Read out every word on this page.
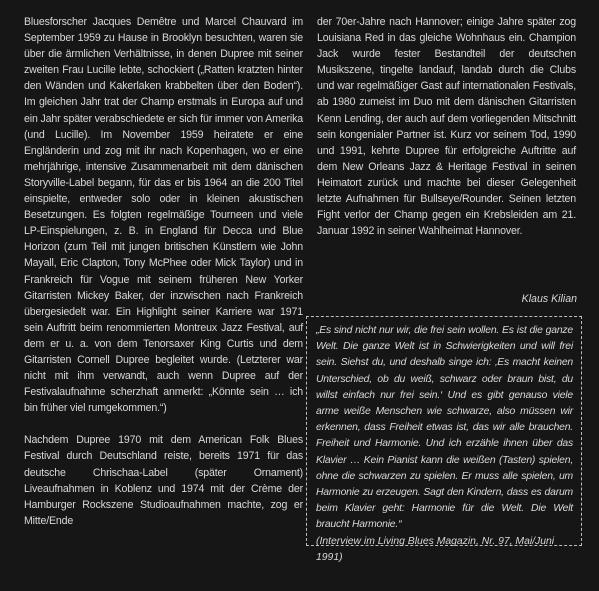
Bluesforscher Jacques Demêtre und Marcel Chauvard im September 1959 zu Hause in Brooklyn besuchten, waren sie über die ärmlichen Verhältnisse, in denen Dupree mit seiner zweiten Frau Lucille lebte, schockiert („Ratten kratzten hinter den Wänden und Kakerlaken krabbelten über den Boden“). Im gleichen Jahr trat der Champ erstmals in Europa auf und ein Jahr später verabschiedete er sich für immer von Amerika (und Lucille). Im November 1959 heiratete er eine Engländerin und zog mit ihr nach Kopenhagen, wo er eine mehrjährige, intensive Zusammenarbeit mit dem dänischen Storyville-Label begann, für das er bis 1964 an die 200 Titel einspielte, entweder solo oder in kleinen akustischen Besetzungen. Es folgten regelmäßige Tourneen und viele LP-Einspielungen, z. B. in England für Decca und Blue Horizon (zum Teil mit jungen britischen Künstlern wie John Mayall, Eric Clapton, Tony McPhee oder Mick Taylor) und in Frankreich für Vogue mit seinem früheren New Yorker Gitarristen Mickey Baker, der inzwischen nach Frankreich übergesiedelt war. Ein Highlight seiner Karriere war 1971 sein Auftritt beim renommierten Montreux Jazz Festival, auf dem er u. a. von dem Tenorsaxer King Curtis und dem Gitarristen Cornell Dupree begleitet wurde. (Letzterer war nicht mit ihm verwandt, auch wenn Dupree auf der Festivalaufnahme scherzhaft anmerkt: „Könnte sein … ich bin früher viel rumgekommen.“)

Nachdem Dupree 1970 mit dem American Folk Blues Festival durch Deutschland reiste, bereits 1971 für das deutsche Chrischaa-Label (später Ornament) Liveaufnahmen in Koblenz und 1974 mit der Crème der Hamburger Rockszene Studioaufnahmen machte, zog er Mitte/Ende

der 70er-Jahre nach Hannover; einige Jahre später zog Louisiana Red in das gleiche Wohnhaus ein. Champion Jack wurde fester Bestandteil der deutschen Musikszene, tingelte landauf, landab durch die Clubs und war regelmäßiger Gast auf internationalen Festivals, ab 1980 zumeist im Duo mit dem dänischen Gitarristen Kenn Lending, der auch auf dem vorliegenden Mitschnitt sein kongenialer Partner ist. Kurz vor seinem Tod, 1990 und 1991, kehrte Dupree für erfolgreiche Auftritte auf dem New Orleans Jazz & Heritage Festival in seinen Heimatort zurück und machte bei dieser Gelegenheit letzte Aufnahmen für Bullseye/Rounder. Seinen letzten Fight verlor der Champ gegen ein Krebsleiden am 21. Januar 1992 in seiner Wahlheimat Hannover.

Klaus Kilian

„Es sind nicht nur wir, die frei sein wollen. Es ist die ganze Welt. Die ganze Welt ist in Schwierigkeiten und will frei sein. Siehst du, und deshalb singe ich: ‚Es macht keinen Unterschied, ob du weiß, schwarz oder braun bist, du willst einfach nur frei sein.‘ Und es gibt genauso viele arme weiße Menschen wie schwarze, also müssen wir erkennen, dass Freiheit etwas ist, das wir alle brauchen. Freiheit und Harmonie. Und ich erzähle ihnen über das Klavier … Kein Pianist kann die weißen (Tasten) spielen, ohne die schwarzen zu spielen. Er muss alle spielen, um Harmonie zu erzeugen. Sagt den Kindern, dass es darum beim Klavier geht: Harmonie für die Welt. Die Welt braucht Harmonie.“

(Interview im Living Blues Magazin, Nr. 97, Mai/Juni 1991)
